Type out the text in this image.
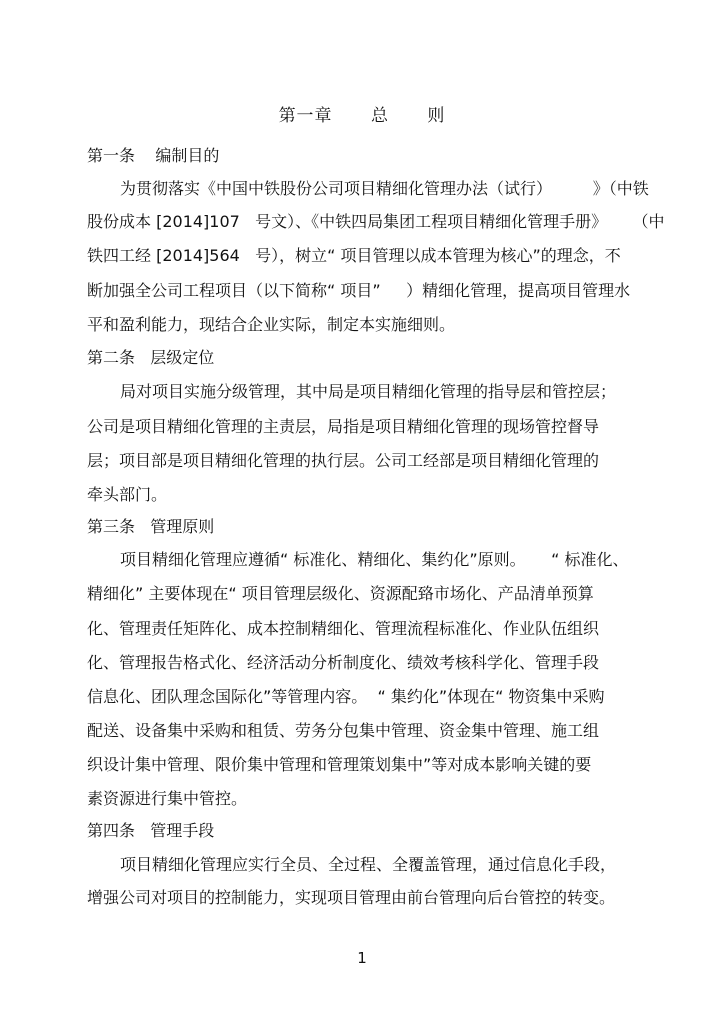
第一章      总      则
第一条    编制目的
为贯彻落实《中国中铁股份公司项目精细化管理办法（试行）        》（中铁
股份成本 [2014]107   号文）、《中铁四局集团工程项目精细化管理手册》     （中
铁四工经 [2014]564   号），树立“ 项目管理以成本管理为核心”的理念，不
断加强全公司工程项目（以下简称“ 项目”     ）精细化管理，提高项目管理水
平和盈利能力，现结合企业实际，制定本实施细则。
第二条   层级定位
局对项目实施分级管理，其中局是项目精细化管理的指导层和管控层；
公司是项目精细化管理的主责层，局指是项目精细化管理的现场管控督导
层；项目部是项目精细化管理的执行层。公司工经部是项目精细化管理的
牵头部门。
第三条   管理原则
项目精细化管理应遵循“ 标准化、精细化、集约化”原则。     “ 标准化、
精细化” 主要体现在“ 项目管理层级化、资源配臵市场化、产品清单预算
化、管理责任矩阵化、成本控制精细化、管理流程标准化、作业队伍组织
化、管理报告格式化、经济活动分析制度化、绩效考核科学化、管理手段
信息化、团队理念国际化”等管理内容。  “ 集约化”体现在“ 物资集中采购
配送、设备集中采购和租赁、劳务分包集中管理、资金集中管理、施工组
织设计集中管理、限价集中管理和管理策划集中”等对成本影响关键的要
素资源进行集中管控。
第四条   管理手段
项目精细化管理应实行全员、全过程、全覆盖管理，通过信息化手段，
增强公司对项目的控制能力，实现项目管理由前台管理向后台管控的转变。
1
